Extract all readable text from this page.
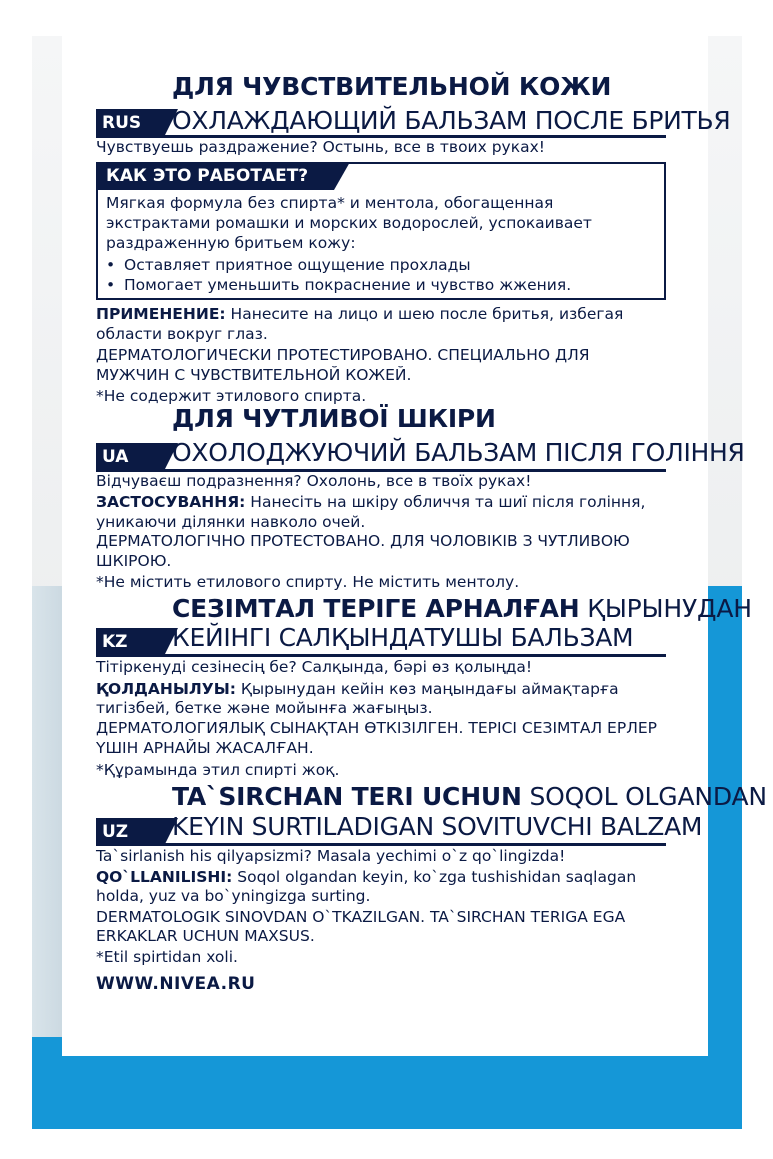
ДЛЯ ЧУВСТВИТЕЛЬНОЙ КОЖИ
RUS	ОХЛАЖДАЮЩИЙ БАЛЬЗАМ ПОСЛЕ БРИТЬЯ
Чувствуешь раздражение? Остынь, все в твоих руках!
КАК ЭТО РАБОТАЕТ?
Мягкая формула без спирта* и ментола, обогащенная
экстрактами ромашки и морских водорослей, успокаивает
раздраженную бритьем кожу:
• Оставляет приятное ощущение прохлады
• Помогает уменьшить покраснение и чувство жжения.
ПРИМЕНЕНИЕ: Нанесите на лицо и шею после бритья, избегая
области вокруг глаз.
ДЕРМАТОЛОГИЧЕСКИ ПРОТЕСТИРОВАНО. СПЕЦИАЛЬНО ДЛЯ
МУЖЧИН С ЧУВСТВИТЕЛЬНОЙ КОЖЕЙ.
*Не содержит этилового спирта.
ДЛЯ ЧУТЛИВОЇ ШКІРИ
UA	ОХОЛОДЖУЮЧИЙ БАЛЬЗАМ ПІСЛЯ ГОЛІННЯ
Відчуваєш подразнення? Охолонь, все в твоїх руках!
ЗАСТОСУВАННЯ: Нанесіть на шкіру обличчя та шиї після гоління,
уникаючи ділянки навколо очей.
ДЕРМАТОЛОГІЧНО ПРОТЕСТОВАНО. ДЛЯ ЧОЛОВІКІВ З ЧУТЛИВОЮ
ШКІРОЮ.
*Не містить етилового спирту. Не містить ментолу.
СЕЗІМТАЛ ТЕРІГЕ АРНАЛҒАН ҚЫРЫНУДАН
KZ	КЕЙІНГІ САЛҚЫНДАТУШЫ БАЛЬЗАМ
Тітіркенуді сезінесің бе? Салқында, бәрі өз қолыңда!
ҚОЛДАНЫЛУЫ: Қырынудан кейін көз маңындағы аймақтарға
тигізбей, бетке және мойынға жағыңыз.
ДЕРМАТОЛОГИЯЛЫҚ СЫНАҚТАН ӨТКІЗІЛГЕН. ТЕРІСІ СЕЗІМТАЛ ЕРЛЕР
ҮШІН АРНАЙЫ ЖАСАЛҒАН.
*Құрамында этил спирті жоқ.
TA`SIRCHAN TERI UCHUN SOQOL OLGANDAN
UZ	KEYIN SURTILADIGAN SOVITUVCHI BALZAM
Ta`sirlanish his qilyapsizmi? Masala yechimi o`z qo`lingizda!
QO`LLANILISHI: Soqol olgandan keyin, ko`zga tushishidan saqlagan
holda, yuz va bo`yningizga surting.
DERMATOLOGIK SINOVDAN O`TKAZILGAN. TA`SIRCHAN TERIGA EGA
ERKAKLAR UCHUN MAXSUS.
*Etil spirtidan xoli.
WWW.NIVEA.RU
